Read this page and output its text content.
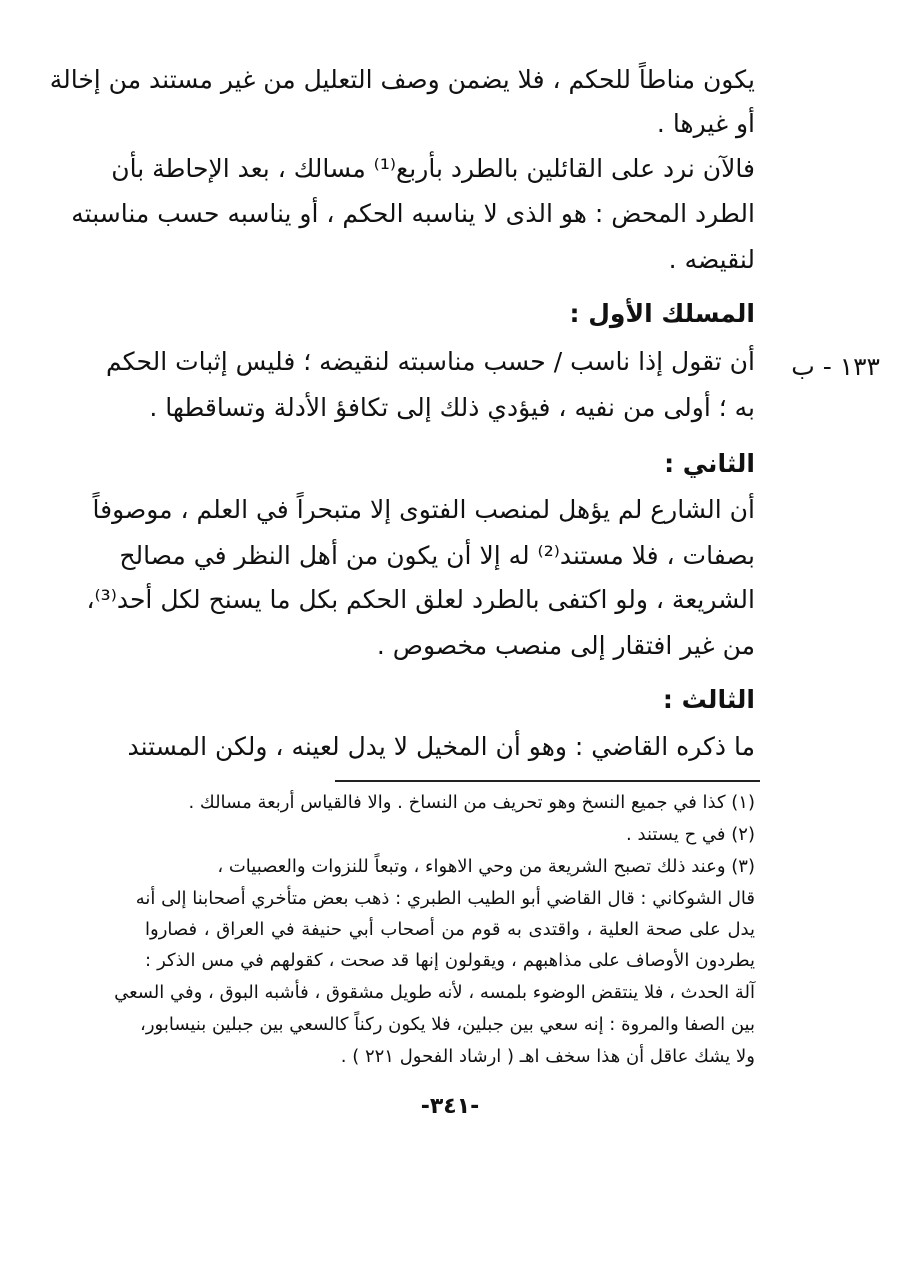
يكون مناطاً للحكم ، فلا يضمن وصف التعليل من غير مستند من إخالة
أو غيرها .
فالآن نرد على القائلين بالطرد بأربع⁽¹⁾ مسالك ، بعد الإحاطة بأن
الطرد المحض : هو الذى لا يناسبه الحكم ، أو يناسبه حسب مناسبته
لنقيضه .
المسلك الأول :
أن تقول إذا ناسب / حسب مناسبته لنقيضه ؛ فليس إثبات الحكم ١٣٣ - ب
به ؛ أولى من نفيه ، فيؤدي ذلك إلى تكافؤ الأدلة وتساقطها .
الثاني :
أن الشارع لم يؤهل لمنصب الفتوى إلا متبحراً في العلم ، موصوفاً
بصفات ، فلا مستند⁽²⁾ له إلا أن يكون من أهل النظر في مصالح
الشريعة ، ولو اكتفى بالطرد لعلق الحكم بكل ما يسنح لكل أحد⁽³⁾،
من غير افتقار إلى منصب مخصوص .
الثالث :
ما ذكره القاضي : وهو أن المخيل لا يدل لعينه ، ولكن المستند
(١) كذا في جميع النسخ وهو تحريف من النساخ . والا فالقياس أربعة مسالك .
(٢) في ح يستند .
(٣) وعند ذلك تصبح الشريعة من وحي الاهواء ، وتبعاً للنزوات والعصبيات ،
قال الشوكاني : قال القاضي أبو الطيب الطبري : ذهب بعض متأخري أصحابنا إلى أنه
يدل على صحة العلية ، واقتدى به قوم من أصحاب أبي حنيفة في العراق ، فصاروا
يطردون الأوصاف على مذاهبهم ، ويقولون إنها قد صحت ، كقولهم في مس الذكر :
آلة الحدث ، فلا ينتقض الوضوء بلمسه ، لأنه طويل مشقوق ، فأشبه البوق ، وفي السعي
بين الصفا والمروة : إنه سعي بين جبلين، فلا يكون ركناً كالسعي بين جبلين بنيسابور،
ولا يشك عاقل أن هذا سخف اهـ ( ارشاد الفحول ٢٢١ ) .
-٣٤١-
